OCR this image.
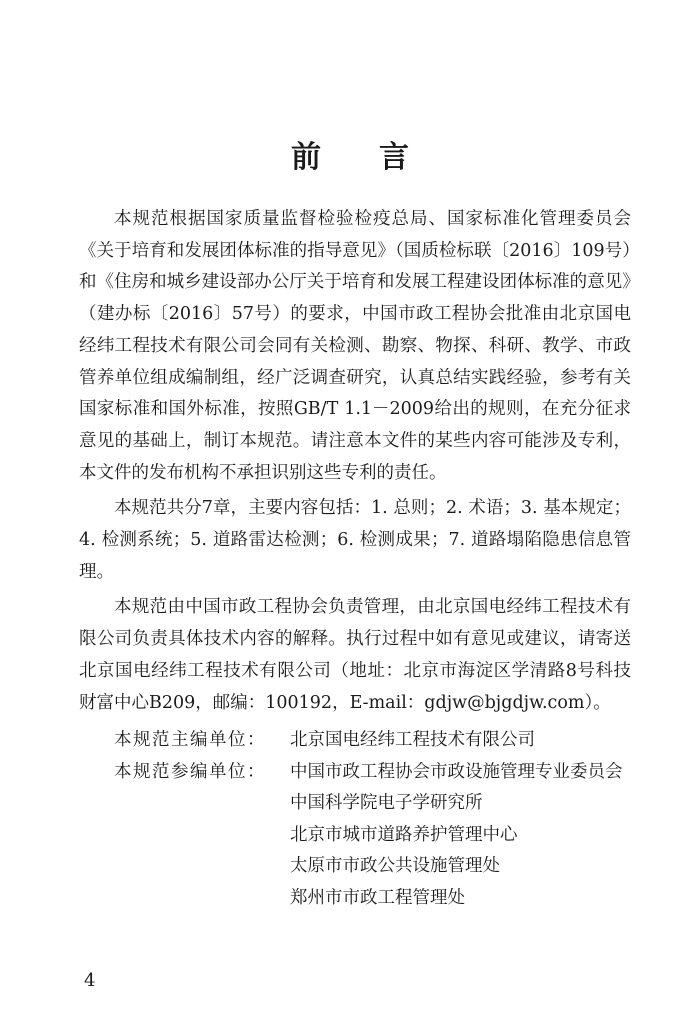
前言

本规范根据国家质量监督检验检疫总局、国家标准化管理委员会《关于培育和发展团体标准的指导意见》（国质检标联〔2016〕109号）和《住房和城乡建设部办公厅关于培育和发展工程建设团体标准的意见》（建办标〔2016〕57号）的要求，中国市政工程协会批准由北京国电经纬工程技术有限公司会同有关检测、勘察、物探、科研、教学、市政管养单位组成编制组，经广泛调查研究，认真总结实践经验，参考有关国家标准和国外标准，按照GB/T 1.1－2009给出的规则，在充分征求意见的基础上，制订本规范。请注意本文件的某些内容可能涉及专利，本文件的发布机构不承担识别这些专利的责任。

本规范共分7章，主要内容包括：1. 总则；2. 术语；3. 基本规定；4. 检测系统；5. 道路雷达检测；6. 检测成果；7. 道路塌陷隐患信息管理。

本规范由中国市政工程协会负责管理，由北京国电经纬工程技术有限公司负责具体技术内容的解释。执行过程中如有意见或建议，请寄送北京国电经纬工程技术有限公司（地址：北京市海淀区学清路8号科技财富中心B209，邮编：100192，E-mail：gdjw@bjgdjw.com）。

本规范主编单位：	北京国电经纬工程技术有限公司
本规范参编单位：	中国市政工程协会市政设施管理专业委员会
中国科学院电子学研究所
北京市城市道路养护管理中心
太原市市政公共设施管理处
郑州市市政工程管理处
4
